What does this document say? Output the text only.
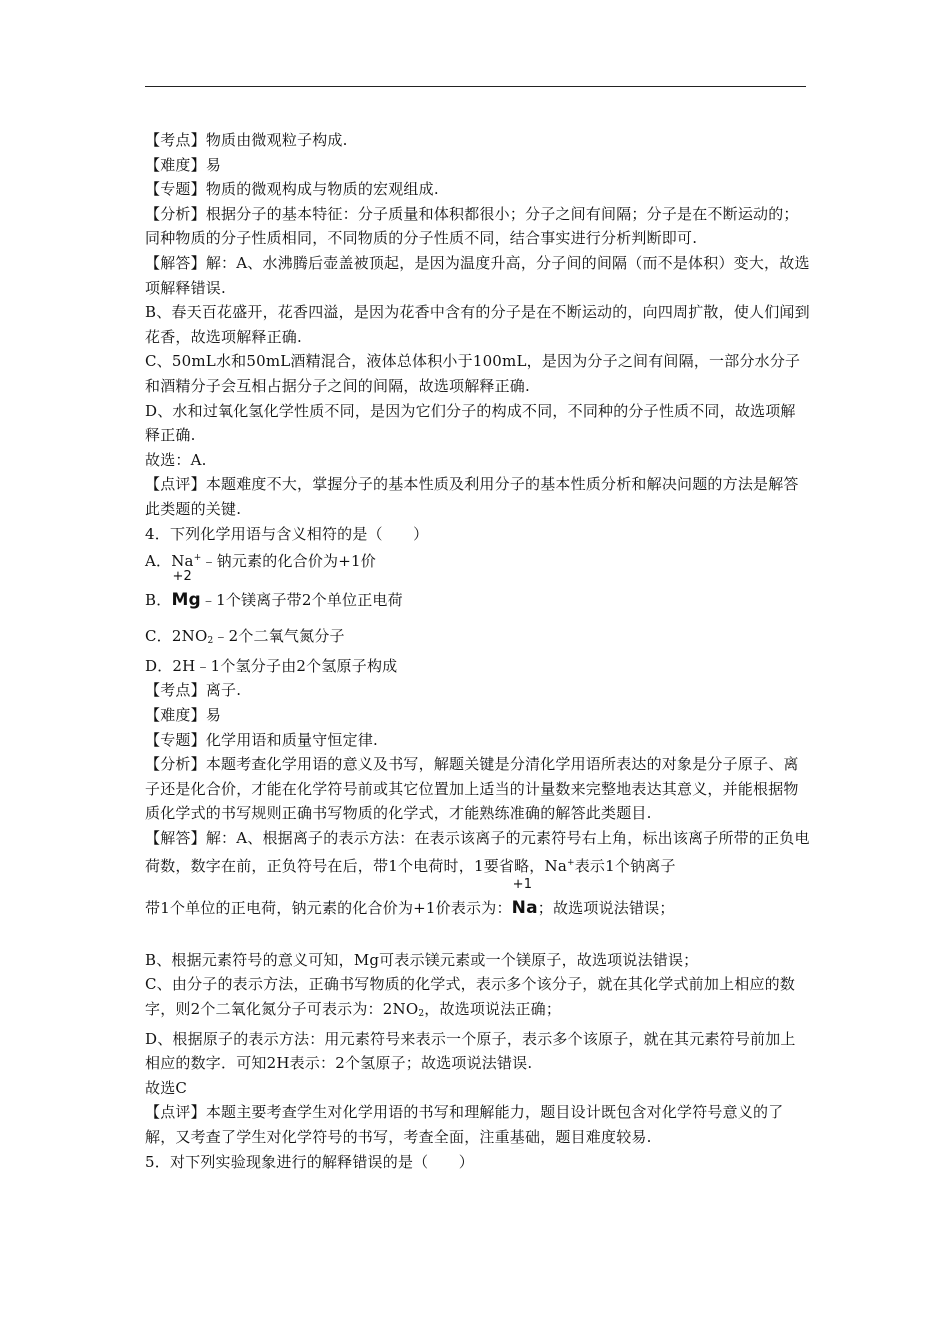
【考点】物质由微观粒子构成.
【难度】易
【专题】物质的微观构成与物质的宏观组成.
【分析】根据分子的基本特征：分子质量和体积都很小；分子之间有间隔；分子是在不断运动的；同种物质的分子性质相同，不同物质的分子性质不同，结合事实进行分析判断即可.
【解答】解：A、水沸腾后壶盖被顶起，是因为温度升高，分子间的间隔（而不是体积）变大，故选项解释错误.
B、春天百花盛开，花香四溢，是因为花香中含有的分子是在不断运动的，向四周扩散，使人们闻到花香，故选项解释正确.
C、50mL水和50mL酒精混合，液体总体积小于100mL，是因为分子之间有间隔，一部分水分子和酒精分子会互相占据分子之间的间隔，故选项解释正确.
D、水和过氧化氢化学性质不同，是因为它们分子的构成不同，不同种的分子性质不同，故选项解释正确.
故选：A.
【点评】本题难度不大，掌握分子的基本性质及利用分子的基本性质分析和解决问题的方法是解答此类题的关键.
4．下列化学用语与含义相符的是（　　）
A．Na+﹣钠元素的化合价为+1价
B．
+2
Mg﹣1个镁离子带2个单位正电荷
C．$2NO_2﹣2$个二氧气氮分子
D．2H﹣1个氢分子由2个氢原子构成
【考点】离子.
【难度】易
【专题】化学用语和质量守恒定律.
【分析】本题考查化学用语的意义及书写，解题关键是分清化学用语所表达的对象是分子原子、离子还是化合价，才能在化学符号前或其它位置加上适当的计量数来完整地表达其意义，并能根据物质化学式的书写规则正确书写物质的化学式，才能熟练准确的解答此类题目.
【解答】解：A、根据离子的表示方法：在表示该离子的元素符号右上角，标出该离子所带的正负电荷数，数字在前，正负符号在后，带1个电荷时，1要省略，Na+表示1个钠离子
带1个单位的正电荷，钠元素的化合价为+1价表示为：
+1
Na；故选项说法错误；
B、根据元素符号的意义可知，Mg可表示镁元素或一个镁原子，故选项说法错误；
C、由分子的表示方法，正确书写物质的化学式，表示多个该分子，就在其化学式前加上相应的数字，则2个二氧化氮分子可表示为：$2NO_2$，故选项说法正确；
D、根据原子的表示方法：用元素符号来表示一个原子，表示多个该原子，就在其元素符号前加上相应的数字．可知2H表示：2个氢原子；故选项说法错误.
故选C
【点评】本题主要考查学生对化学用语的书写和理解能力，题目设计既包含对化学符号意义的了解，又考查了学生对化学符号的书写，考查全面，注重基础，题目难度较易.
5．对下列实验现象进行的解释错误的是（　　）
